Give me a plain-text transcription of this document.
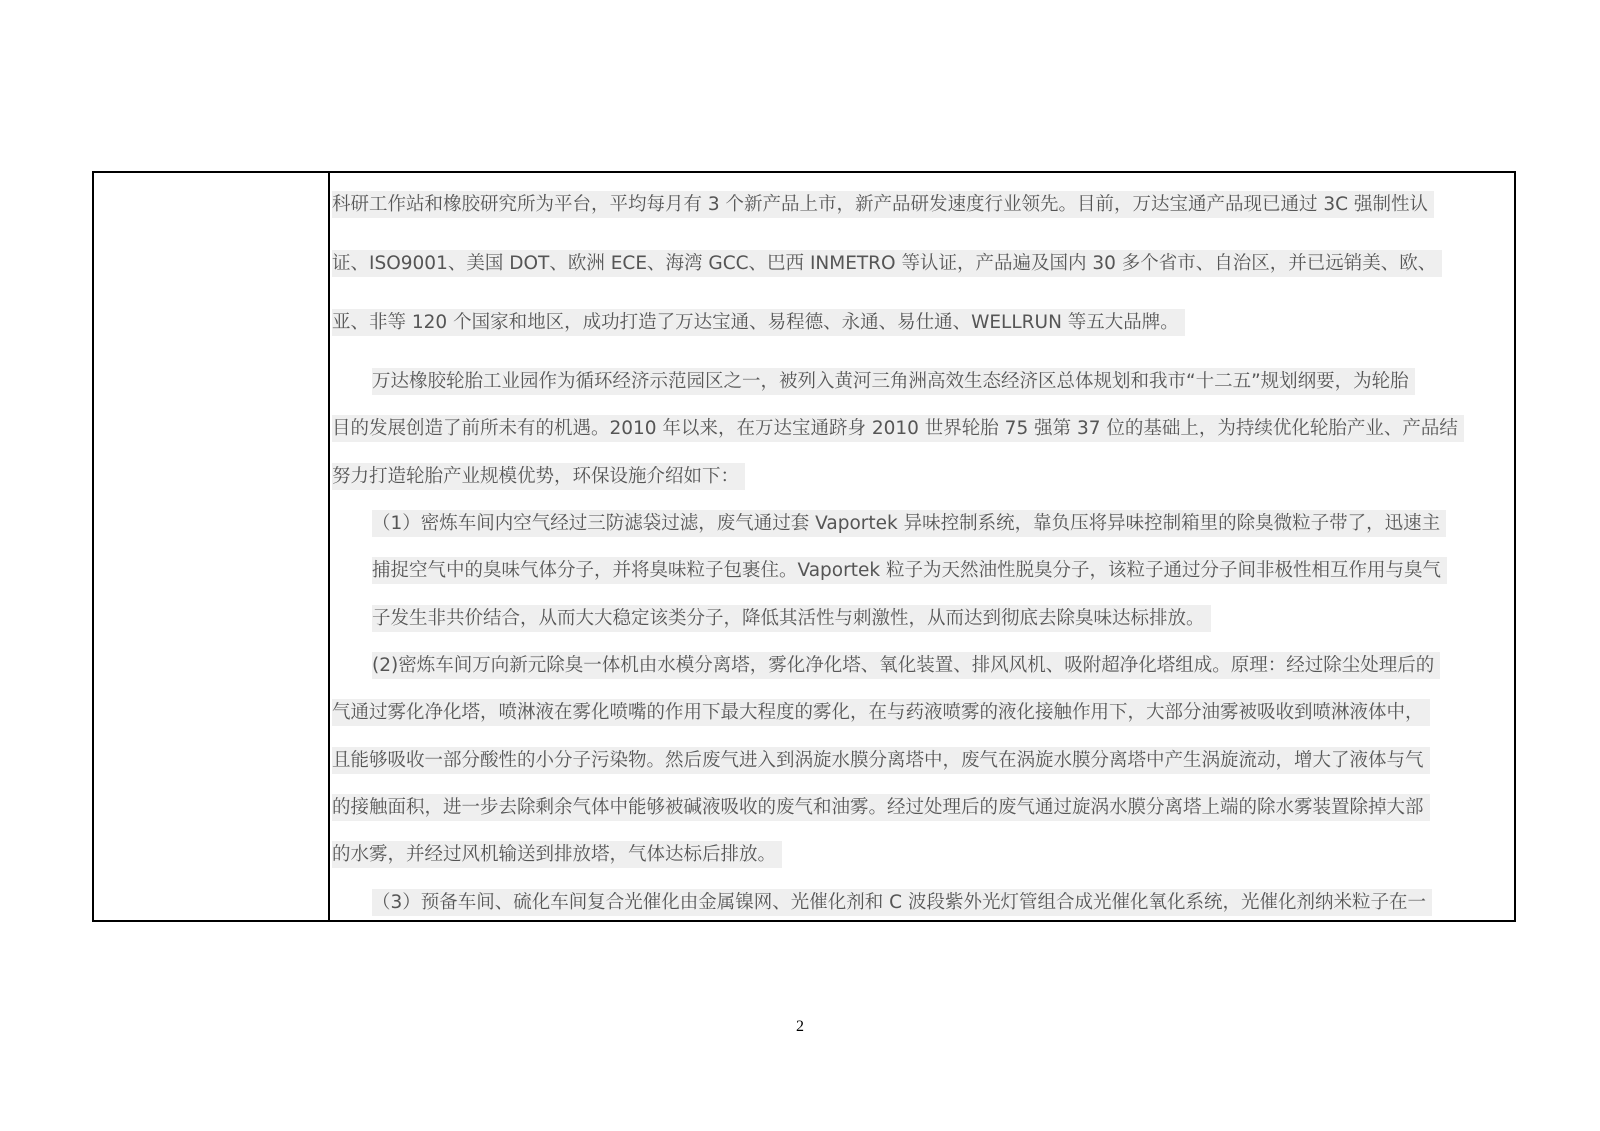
科研工作站和橡胶研究所为平台，平均每月有 3 个新产品上市，新产品研发速度行业领先。目前，万达宝通产品现已通过 3C 强制性认
证、ISO9001、美国 DOT、欧洲 ECE、海湾 GCC、巴西 INMETRO 等认证，产品遍及国内 30 多个省市、自治区，并已远销美、欧、
亚、非等 120 个国家和地区，成功打造了万达宝通、易程德、永通、易仕通、WELLRUN 等五大品牌。
万达橡胶轮胎工业园作为循环经济示范园区之一，被列入黄河三角洲高效生态经济区总体规划和我市“十二五”规划纲要，为轮胎
目的发展创造了前所未有的机遇。2010 年以来，在万达宝通跻身 2010 世界轮胎 75 强第 37 位的基础上，为持续优化轮胎产业、产品结
努力打造轮胎产业规模优势，环保设施介绍如下：
（1）密炼车间内空气经过三防滤袋过滤，废气通过套 Vaportek 异味控制系统，靠负压将异味控制箱里的除臭微粒子带了，迅速主
捕捉空气中的臭味气体分子，并将臭味粒子包裹住。Vaportek 粒子为天然油性脱臭分子，该粒子通过分子间非极性相互作用与臭气
子发生非共价结合，从而大大稳定该类分子，降低其活性与刺激性，从而达到彻底去除臭味达标排放。
(2)密炼车间万向新元除臭一体机由水模分离塔，雾化净化塔、氧化装置、排风风机、吸附超净化塔组成。原理：经过除尘处理后的
气通过雾化净化塔，喷淋液在雾化喷嘴的作用下最大程度的雾化，在与药液喷雾的液化接触作用下，大部分油雾被吸收到喷淋液体中，
且能够吸收一部分酸性的小分子污染物。然后废气进入到涡旋水膜分离塔中，废气在涡旋水膜分离塔中产生涡旋流动，增大了液体与气
的接触面积，进一步去除剩余气体中能够被碱液吸收的废气和油雾。经过处理后的废气通过旋涡水膜分离塔上端的除水雾装置除掉大部
的水雾，并经过风机输送到排放塔，气体达标后排放。
（3）预备车间、硫化车间复合光催化由金属镍网、光催化剂和 C 波段紫外光灯管组合成光催化氧化系统，光催化剂纳米粒子在一
2
